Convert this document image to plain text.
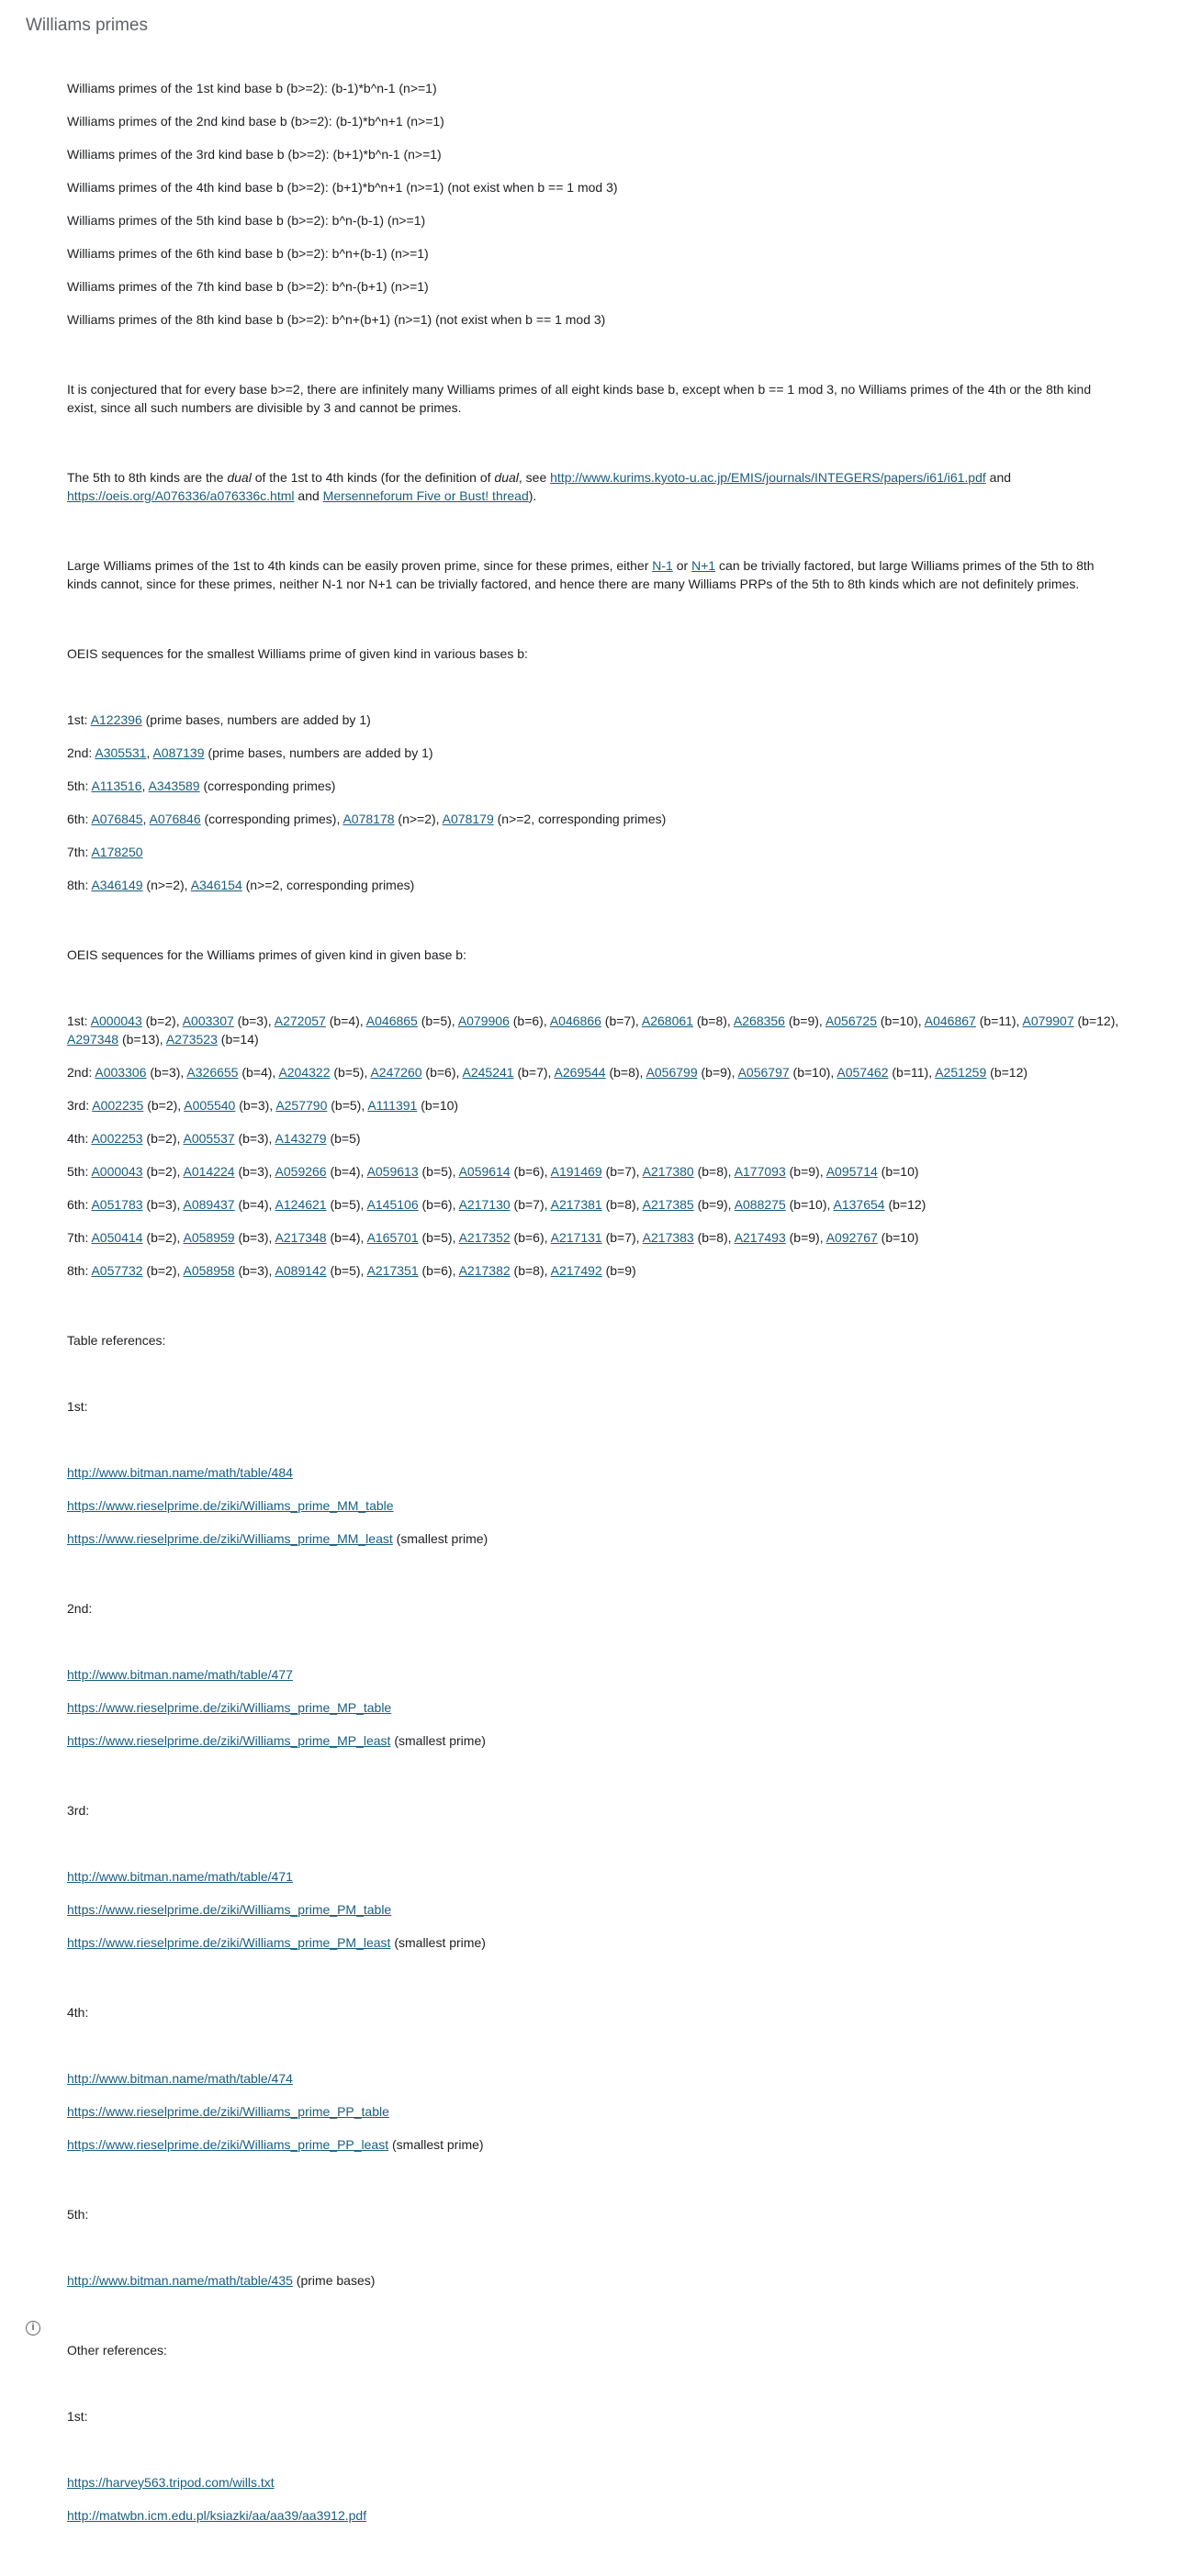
Williams primes

Williams primes of the 1st kind base b (b>=2): (b-1)*b^n-1 (n>=1)

Williams primes of the 2nd kind base b (b>=2): (b-1)*b^n+1 (n>=1)

Williams primes of the 3rd kind base b (b>=2): (b+1)*b^n-1 (n>=1)

Williams primes of the 4th kind base b (b>=2): (b+1)*b^n+1 (n>=1) (not exist when b == 1 mod 3)

Williams primes of the 5th kind base b (b>=2): b^n-(b-1) (n>=1)

Williams primes of the 6th kind base b (b>=2): b^n+(b-1) (n>=1)

Williams primes of the 7th kind base b (b>=2): b^n-(b+1) (n>=1)

Williams primes of the 8th kind base b (b>=2): b^n+(b+1) (n>=1) (not exist when b == 1 mod 3)

It is conjectured that for every base b>=2, there are infinitely many Williams primes of all eight kinds base b, except when b == 1 mod 3, no Williams primes of the 4th or the 8th kind exist, since all such numbers are divisible by 3 and cannot be primes.

The 5th to 8th kinds are the dual of the 1st to 4th kinds (for the definition of dual, see http://www.kurims.kyoto-u.ac.jp/EMIS/journals/INTEGERS/papers/i61/i61.pdf and https://oeis.org/A076336/a076336c.html and Mersenneforum Five or Bust! thread).

Large Williams primes of the 1st to 4th kinds can be easily proven prime, since for these primes, either N-1 or N+1 can be trivially factored, but large Williams primes of the 5th to 8th kinds cannot, since for these primes, neither N-1 nor N+1 can be trivially factored, and hence there are many Williams PRPs of the 5th to 8th kinds which are not definitely primes.

OEIS sequences for the smallest Williams prime of given kind in various bases b:

1st: A122396 (prime bases, numbers are added by 1)

2nd: A305531, A087139 (prime bases, numbers are added by 1)

5th: A113516, A343589 (corresponding primes)

6th: A076845, A076846 (corresponding primes), A078178 (n>=2), A078179 (n>=2, corresponding primes)

7th: A178250

8th: A346149 (n>=2), A346154 (n>=2, corresponding primes)

OEIS sequences for the Williams primes of given kind in given base b:

1st: A000043 (b=2), A003307 (b=3), A272057 (b=4), A046865 (b=5), A079906 (b=6), A046866 (b=7), A268061 (b=8), A268356 (b=9), A056725 (b=10), A046867 (b=11), A079907 (b=12), A297348 (b=13), A273523 (b=14)

2nd: A003306 (b=3), A326655 (b=4), A204322 (b=5), A247260 (b=6), A245241 (b=7), A269544 (b=8), A056799 (b=9), A056797 (b=10), A057462 (b=11), A251259 (b=12)

3rd: A002235 (b=2), A005540 (b=3), A257790 (b=5), A111391 (b=10)

4th: A002253 (b=2), A005537 (b=3), A143279 (b=5)

5th: A000043 (b=2), A014224 (b=3), A059266 (b=4), A059613 (b=5), A059614 (b=6), A191469 (b=7), A217380 (b=8), A177093 (b=9), A095714 (b=10)

6th: A051783 (b=3), A089437 (b=4), A124621 (b=5), A145106 (b=6), A217130 (b=7), A217381 (b=8), A217385 (b=9), A088275 (b=10), A137654 (b=12)

7th: A050414 (b=2), A058959 (b=3), A217348 (b=4), A165701 (b=5), A217352 (b=6), A217131 (b=7), A217383 (b=8), A217493 (b=9), A092767 (b=10)

8th: A057732 (b=2), A058958 (b=3), A089142 (b=5), A217351 (b=6), A217382 (b=8), A217492 (b=9)

Table references:

1st:

http://www.bitman.name/math/table/484

https://www.rieselprime.de/ziki/Williams_prime_MM_table

https://www.rieselprime.de/ziki/Williams_prime_MM_least (smallest prime)

2nd:

http://www.bitman.name/math/table/477

https://www.rieselprime.de/ziki/Williams_prime_MP_table

https://www.rieselprime.de/ziki/Williams_prime_MP_least (smallest prime)

3rd:

http://www.bitman.name/math/table/471

https://www.rieselprime.de/ziki/Williams_prime_PM_table

https://www.rieselprime.de/ziki/Williams_prime_PM_least (smallest prime)

4th:

http://www.bitman.name/math/table/474

https://www.rieselprime.de/ziki/Williams_prime_PP_table

https://www.rieselprime.de/ziki/Williams_prime_PP_least (smallest prime)

5th:

http://www.bitman.name/math/table/435 (prime bases)

Other references:

1st:

https://harvey563.tripod.com/wills.txt

http://matwbn.icm.edu.pl/ksiazki/aa/aa39/aa3912.pdf

i
